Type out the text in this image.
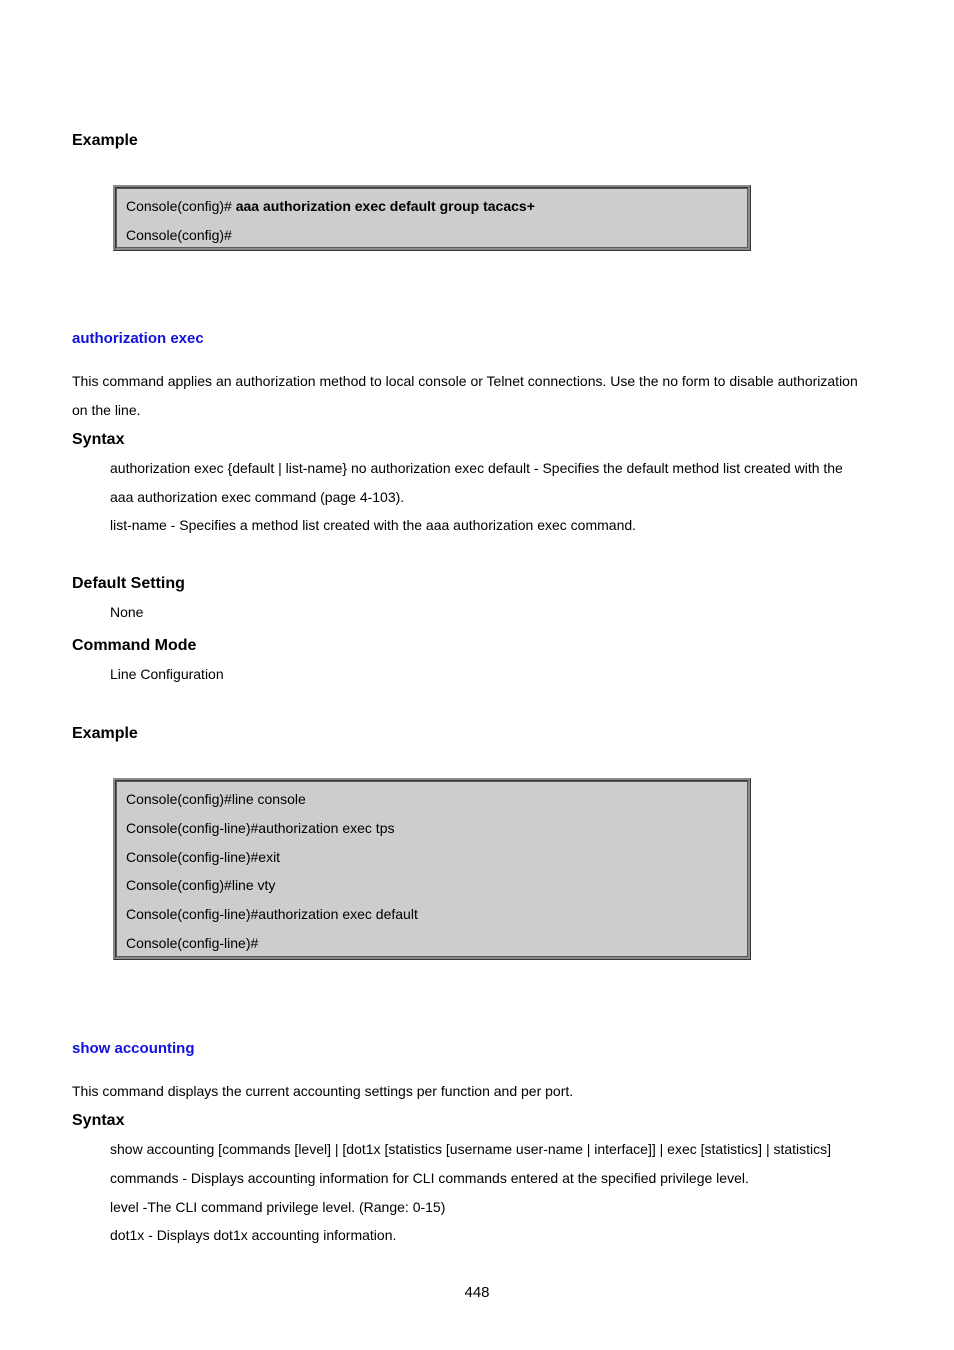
Example
Console(config)# aaa authorization exec default group tacacs+
Console(config)#
authorization exec
This command applies an authorization method to local console or Telnet connections. Use the no form to disable authorization
on the line.
Syntax
authorization exec {default | list-name} no authorization exec default - Specifies the default method list created with the
aaa authorization exec command (page 4-103).
list-name - Specifies a method list created with the aaa authorization exec command.
Default Setting
None
Command Mode
Line Configuration
Example
Console(config)#line console
Console(config-line)#authorization exec tps
Console(config-line)#exit
Console(config)#line vty
Console(config-line)#authorization exec default
Console(config-line)#
show accounting
This command displays the current accounting settings per function and per port.
Syntax
show accounting [commands [level] | [dot1x [statistics [username user-name | interface]] | exec [statistics] | statistics]
commands - Displays accounting information for CLI commands entered at the specified privilege level.
level -The CLI command privilege level. (Range: 0-15)
dot1x - Displays dot1x accounting information.
448
